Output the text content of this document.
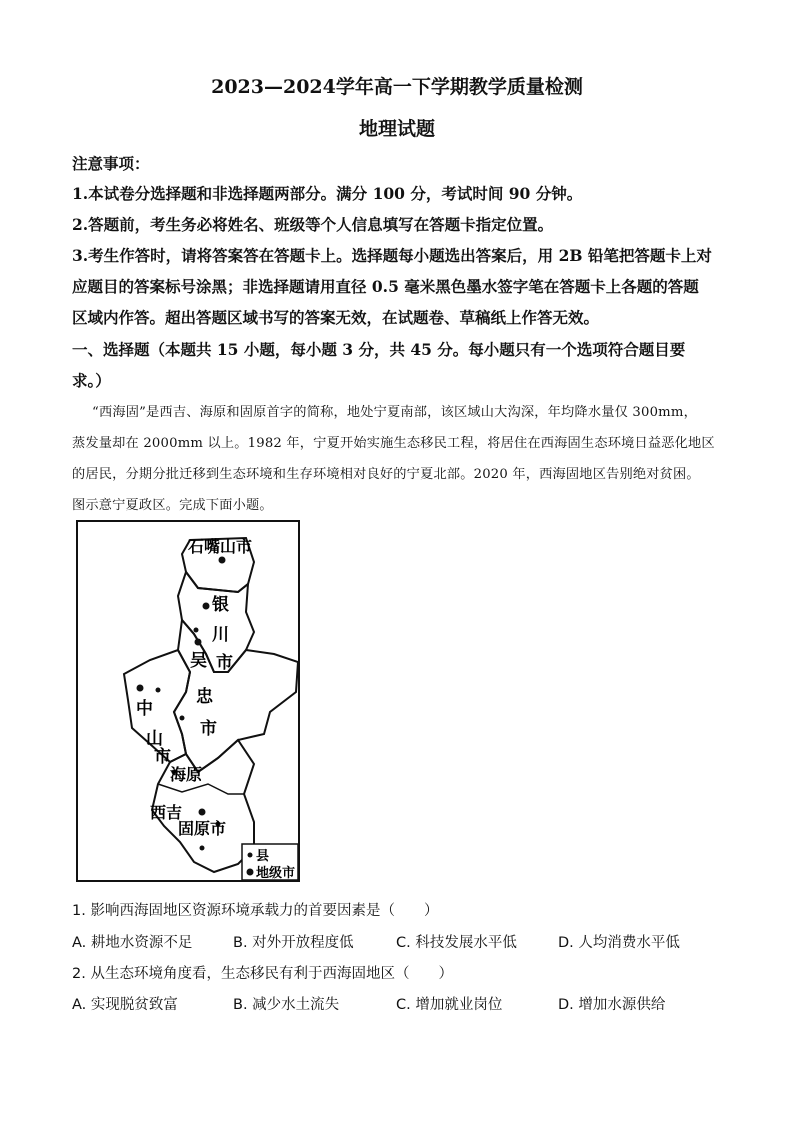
2023—2024学年高一下学期教学质量检测
地理试题
注意事项：
1.本试卷分选择题和非选择题两部分。满分 100 分，考试时间 90 分钟。
2.答题前，考生务必将姓名、班级等个人信息填写在答题卡指定位置。
3.考生作答时，请将答案答在答题卡上。选择题每小题选出答案后，用 2B 铅笔把答题卡上对
应题目的答案标号涂黑；非选择题请用直径 0.5 毫米黑色墨水签字笔在答题卡上各题的答题
区域内作答。超出答题区域书写的答案无效，在试题卷、草稿纸上作答无效。
一、选择题（本题共 15 小题，每小题 3 分，共 45 分。每小题只有一个选项符合题目要
求。）
“西海固”是西吉、海原和固原首字的简称，地处宁夏南部，该区域山大沟深，年均降水量仅 300mm，
蒸发量却在 2000mm 以上。1982 年，宁夏开始实施生态移民工程，将居住在西海固生态环境日益恶化地区
的居民，分期分批迁移到生态环境和生存环境相对良好的宁夏北部。2020 年，西海固地区告别绝对贫困。
图示意宁夏政区。完成下面小题。
石嘴山市
银
川
市
吴
忠
市
中
山
市
海原
西吉
固原市
县
地级市
1. 影响西海固地区资源环境承载力的首要因素是（　　）
A. 耕地水资源不足	B. 对外开放程度低	C. 科技发展水平低	D. 人均消费水平低
2. 从生态环境角度看，生态移民有利于西海固地区（　　）
A. 实现脱贫致富	B. 减少水土流失	C. 增加就业岗位	D. 增加水源供给
